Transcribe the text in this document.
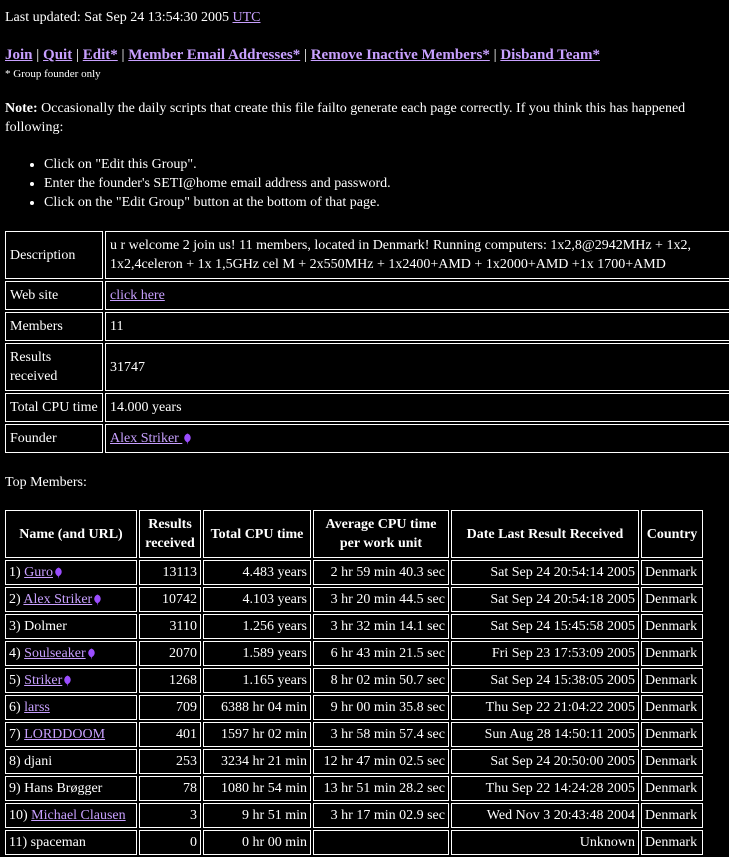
Last updated: Sat Sep 24 13:54:30 2005 UTC
Join | Quit | Edit* | Member Email Addresses* | Remove Inactive Members* | Disband Team*
* Group founder only
Note: Occasionally the daily scripts that create this file failto generate each page correctly. If you think this has happened following:
• Click on "Edit this Group".
• Enter the founder's SETI@home email address and password.
• Click on the "Edit Group" button at the bottom of that page.
Description	u r welcome 2 join us! 11 members, located in Denmark! Running computers: 1x2,8@2942MHz + 1x2, 1x2,4celeron + 1x 1,5GHz cel M + 2x550MHz + 1x2400+AMD + 1x2000+AMD +1x 1700+AMD
Web site	click here
Members	11
Results received	31747
Total CPU time	14.000 years
Founder	Alex Striker
Top Members:
Name (and URL)	Results received	Total CPU time	Average CPU time per work unit	Date Last Result Received	Country
1) Guro	13113	4.483 years	2 hr 59 min 40.3 sec	Sat Sep 24 20:54:14 2005	Denmark
2) Alex Striker	10742	4.103 years	3 hr 20 min 44.5 sec	Sat Sep 24 20:54:18 2005	Denmark
3) Dolmer	3110	1.256 years	3 hr 32 min 14.1 sec	Sat Sep 24 15:45:58 2005	Denmark
4) Soulseaker	2070	1.589 years	6 hr 43 min 21.5 sec	Fri Sep 23 17:53:09 2005	Denmark
5) Striker	1268	1.165 years	8 hr 02 min 50.7 sec	Sat Sep 24 15:38:05 2005	Denmark
6) larss	709	6388 hr 04 min	9 hr 00 min 35.8 sec	Thu Sep 22 21:04:22 2005	Denmark
7) LORDDOOM	401	1597 hr 02 min	3 hr 58 min 57.4 sec	Sun Aug 28 14:50:11 2005	Denmark
8) djani	253	3234 hr 21 min	12 hr 47 min 02.5 sec	Sat Sep 24 20:50:00 2005	Denmark
9) Hans Brøgger	78	1080 hr 54 min	13 hr 51 min 28.2 sec	Thu Sep 22 14:24:28 2005	Denmark
10) Michael Clausen	3	9 hr 51 min	3 hr 17 min 02.9 sec	Wed Nov 3 20:43:48 2004	Denmark
11) spaceman	0	0 hr 00 min		Unknown	Denmark
